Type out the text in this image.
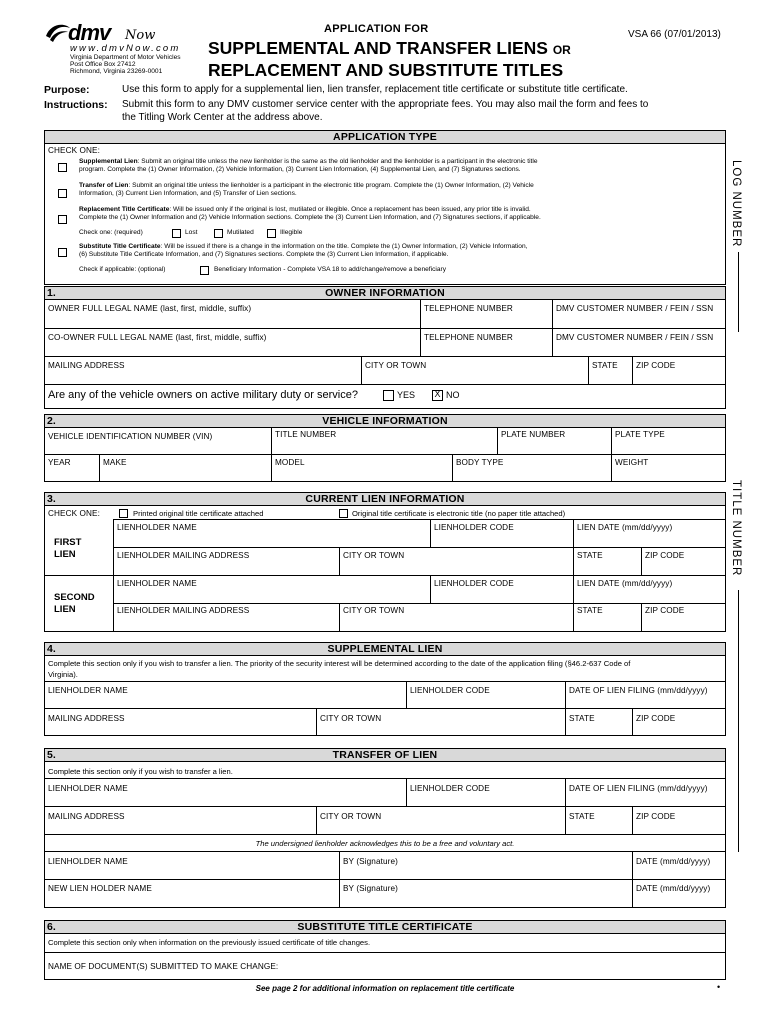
dmv Now
www.dmvNow.com
Virginia Department of Motor Vehicles
Post Office Box 27412
Richmond, Virginia 23269-0001
APPLICATION FOR
SUPPLEMENTAL AND TRANSFER LIENS OR
REPLACEMENT AND SUBSTITUTE TITLES
VSA 66 (07/01/2013)
Purpose:	Use this form to apply for a supplemental lien, lien transfer, replacement title certificate or substitute title certificate.
Instructions: Submit this form to any DMV customer service center with the appropriate fees. You may also mail the form and fees to
the Titling Work Center at the address above.
LOG NUMBER
TITLE NUMBER
APPLICATION TYPE
CHECK ONE:
Supplemental Lien: Submit an original title unless the new lienholder is the same as the old lienholder and the lienholder is a participant in the electronic title
program. Complete the (1) Owner Information, (2) Vehicle Information, (3) Current Lien Information, (4) Supplemental Lien, and (7) Signatures sections.
Transfer of Lien: Submit an original title unless the lienholder is a participant in the electronic title program. Complete the (1) Owner Information, (2) Vehicle
Information, (3) Current Lien Information, and (5) Transfer of Lien sections.
Replacement Title Certificate: Will be issued only if the original is lost, mutilated or illegible. Once a replacement has been issued, any prior title is invalid.
Complete the (1) Owner Information and (2) Vehicle Information sections. Complete the (3) Current Lien Information, and (7) Signatures sections, if applicable.
Check one: (required)	Lost	Mutilated	Illegible
Substitute Title Certificate: Will be issued if there is a change in the information on the title. Complete the (1) Owner Information, (2) Vehicle Information,
(6) Substitute Title Certificate Information, and (7) Signatures sections. Complete the (3) Current Lien Information, if applicable.
Check if applicable: (optional)	Beneficiary Information - Complete VSA 18 to add/change/remove a beneficiary
1.	OWNER INFORMATION
OWNER FULL LEGAL NAME (last, first, middle, suffix)	TELEPHONE NUMBER	DMV CUSTOMER NUMBER / FEIN / SSN
CO-OWNER FULL LEGAL NAME (last, first, middle, suffix)	TELEPHONE NUMBER	DMV CUSTOMER NUMBER / FEIN / SSN
MAILING ADDRESS	CITY OR TOWN	STATE ZIP CODE
Are any of the vehicle owners on active military duty or service?	YES X NO
2.	VEHICLE INFORMATION
VEHICLE IDENTIFICATION NUMBER (VIN)	TITLE NUMBER	PLATE NUMBER	PLATE TYPE
YEAR	MAKE	MODEL	BODY TYPE	WEIGHT
3.	CURRENT LIEN INFORMATION
CHECK ONE:	Printed original title certificate attached	Original title certificate is electronic title (no paper title attached)
FIRST
LIEN
SECOND
LIEN
LIENHOLDER NAME	LIENHOLDER CODE	LIEN DATE (mm/dd/yyyy)
LIENHOLDER MAILING ADDRESS	CITY OR TOWN	STATE	ZIP CODE
LIENHOLDER NAME	LIENHOLDER CODE	LIEN DATE (mm/dd/yyyy)
LIENHOLDER MAILING ADDRESS	CITY OR TOWN	STATE	ZIP CODE
4.	SUPPLEMENTAL LIEN
Complete this section only if you wish to transfer a lien. The priority of the security interest will be determined according to the date of the application filing (§46.2-637 Code of
Virginia).
LIENHOLDER NAME	LIENHOLDER CODE	DATE OF LIEN FILING (mm/dd/yyyy)
MAILING ADDRESS	CITY OR TOWN	STATE	ZIP CODE
5.	TRANSFER OF LIEN
Complete this section only if you wish to transfer a lien.
LIENHOLDER NAME	LIENHOLDER CODE	DATE OF LIEN FILING (mm/dd/yyyy)
MAILING ADDRESS	CITY OR TOWN	STATE	ZIP CODE
The undersigned lienholder acknowledges this to be a free and voluntary act.
LIENHOLDER NAME	BY (Signature)	DATE (mm/dd/yyyy)
NEW LIEN HOLDER NAME	BY (Signature)	DATE (mm/dd/yyyy)
6.	SUBSTITUTE TITLE CERTIFICATE
Complete this section only when information on the previously issued certificate of title changes.
NAME OF DOCUMENT(S) SUBMITTED TO MAKE CHANGE:
See page 2 for additional information on replacement title certificate	•
